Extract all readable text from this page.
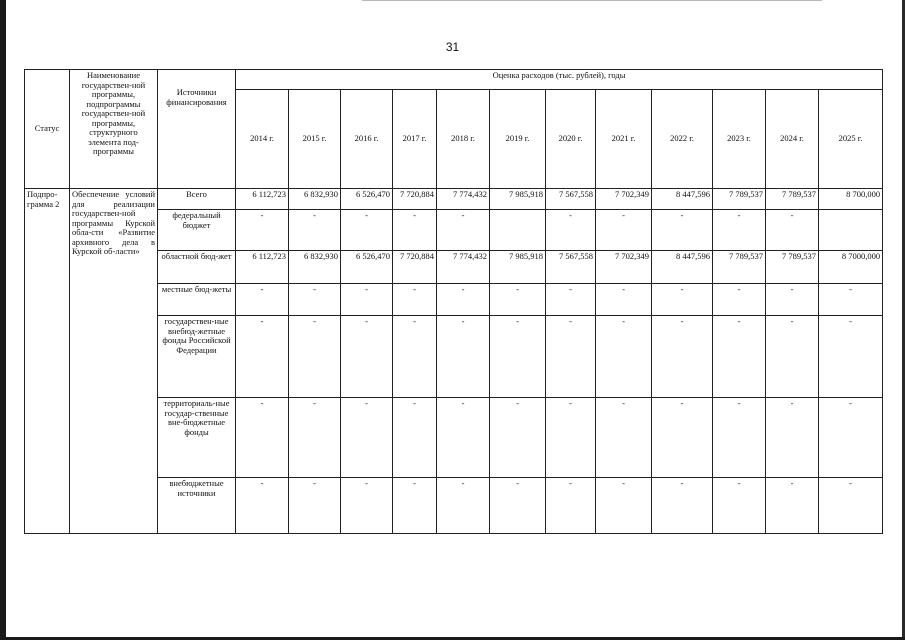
31
Статус	Наименование государствен-ной программы, подпрограммы государствен-ной программы, структурного элемента под-программы	Источники финансирования	Оценка расходов (тыс. рублей), годы											
			2014 г.	2015 г.	2016 г.	2017 г.	2018 г.	2019 г.	2020 г.	2021 г.	2022 г.	2023 г.	2024 г.	2025 г.
Подпро-грамма 2	Обеспечение условий для реализации государствен-ной программы Курской обла-сти «Развитие архивного дела в Курской об-ласти»	Всего	6 112,723	6 832,930	6 526,470	7 720,884	7 774,432	7 985,918	7 567,558	7 702,349	8 447,596	7 789,537	7 789,537	8 700,000
		федеральный бюджет	-	-	-	-	-		-	-	-	-	-	
		областной бюд-жет	6 112,723	6 832,930	6 526,470	7 720,884	7 774,432	7 985,918	7 567,558	7 702,349	8 447,596	7 789,537	7 789,537	8 7000,000
		местные бюд-жеты	-	-	-	-	-	-	-	-	-	-	-	-
		государствен-ные внебюд-жетные фонды Российской Федерации	-	-	-	-	-	-	-	-	-	-	-	-
		территориаль-ные государ-ственные вне-бюджетные фонды	-	-	-	-	-	-	-	-	-	-	-	-
		внебюджетные источники	-	-	-	-	-	-	-	-	-	-	-	-
